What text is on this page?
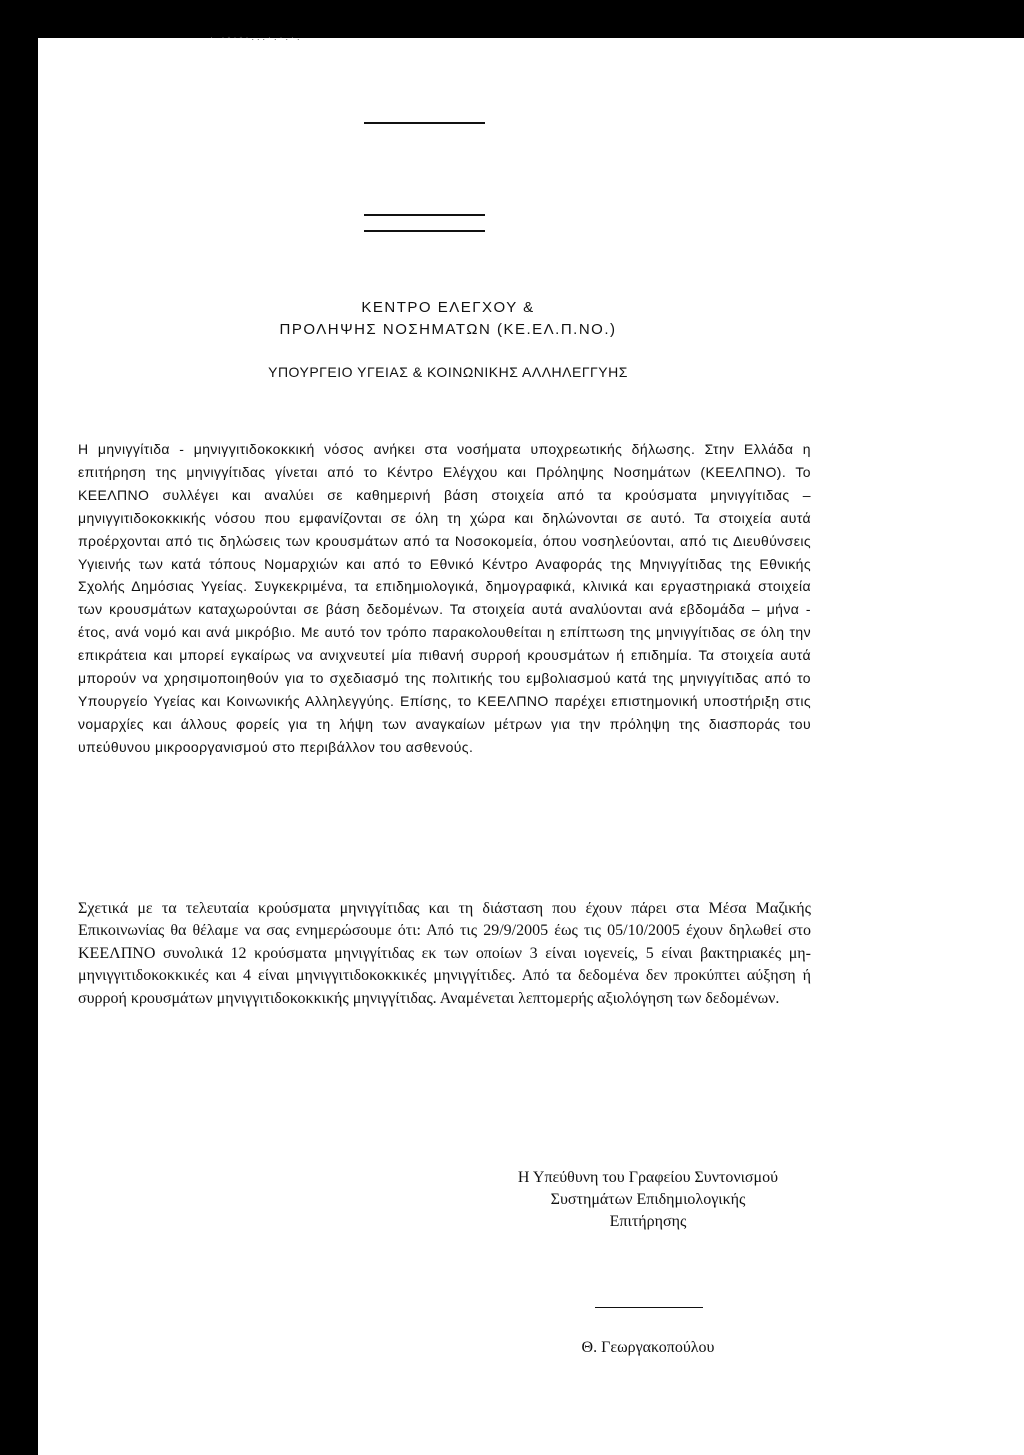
· ·-·-·...·.·.·.
ΚΕΝΤΡΟ ΕΛΕΓΧΟΥ &
ΠΡΟΛΗΨΗΣ ΝΟΣΗΜΑΤΩΝ (ΚΕ.ΕΛ.Π.ΝΟ.)
ΥΠΟΥΡΓΕΙΟ ΥΓΕΙΑΣ & ΚΟΙΝΩΝΙΚΗΣ ΑΛΛΗΛΕΓΓΥΗΣ
Η μηνιγγίτιδα - μηνιγγιτιδοκοκκική νόσος ανήκει στα νοσήματα υποχρεωτικής δήλωσης. Στην Ελλάδα η επιτήρηση της μηνιγγίτιδας γίνεται από το Κέντρο Ελέγχου και Πρόληψης Νοσημάτων (ΚΕΕΛΠΝΟ). Το ΚΕΕΛΠΝΟ συλλέγει και αναλύει σε καθημερινή βάση στοιχεία από τα κρούσματα μηνιγγίτιδας – μηνιγγιτιδοκοκκικής νόσου που εμφανίζονται σε όλη τη χώρα και δηλώνονται σε αυτό. Τα στοιχεία αυτά προέρχονται από τις δηλώσεις των κρουσμάτων από τα Νοσοκομεία, όπου νοσηλεύονται, από τις Διευθύνσεις Υγιεινής των κατά τόπους Νομαρχιών και από το Εθνικό Κέντρο Αναφοράς της Μηνιγγίτιδας της Εθνικής Σχολής Δημόσιας Υγείας. Συγκεκριμένα, τα επιδημιολογικά, δημογραφικά, κλινικά και εργαστηριακά στοιχεία των κρουσμάτων καταχωρούνται σε βάση δεδομένων. Τα στοιχεία αυτά αναλύονται ανά εβδομάδα – μήνα - έτος, ανά νομό και ανά μικρόβιο. Με αυτό τον τρόπο παρακολουθείται η επίπτωση της μηνιγγίτιδας σε όλη την επικράτεια και μπορεί εγκαίρως να ανιχνευτεί μία πιθανή συρροή κρουσμάτων ή επιδημία. Τα στοιχεία αυτά μπορούν να χρησιμοποιηθούν για το σχεδιασμό της πολιτικής του εμβολιασμού κατά της μηνιγγίτιδας από το Υπουργείο Υγείας και Κοινωνικής Αλληλεγγύης. Επίσης, το ΚΕΕΛΠΝΟ παρέχει επιστημονική υποστήριξη στις νομαρχίες και άλλους φορείς για τη λήψη των αναγκαίων μέτρων για την πρόληψη της διασποράς του υπεύθυνου μικροοργανισμού στο περιβάλλον του ασθενούς.
Σχετικά με τα τελευταία κρούσματα μηνιγγίτιδας και τη διάσταση που έχουν πάρει στα Μέσα Μαζικής Επικοινωνίας θα θέλαμε να σας ενημερώσουμε ότι: Από τις 29/9/2005 έως τις 05/10/2005 έχουν δηλωθεί στο ΚΕΕΛΠΝΟ συνολικά 12 κρούσματα μηνιγγίτιδας εκ των οποίων 3 είναι ιογενείς, 5 είναι βακτηριακές μη-μηνιγγιτιδοκοκκικές και 4 είναι μηνιγγιτιδοκοκκικές μηνιγγίτιδες. Από τα δεδομένα δεν προκύπτει αύξηση ή συρροή κρουσμάτων μηνιγγιτιδοκοκκικής μηνιγγίτιδας. Αναμένεται λεπτομερής αξιολόγηση των δεδομένων.
Η Υπεύθυνη του Γραφείου Συντονισμού
Συστημάτων Επιδημιολογικής
Επιτήρησης
Θ. Γεωργακοπούλου
